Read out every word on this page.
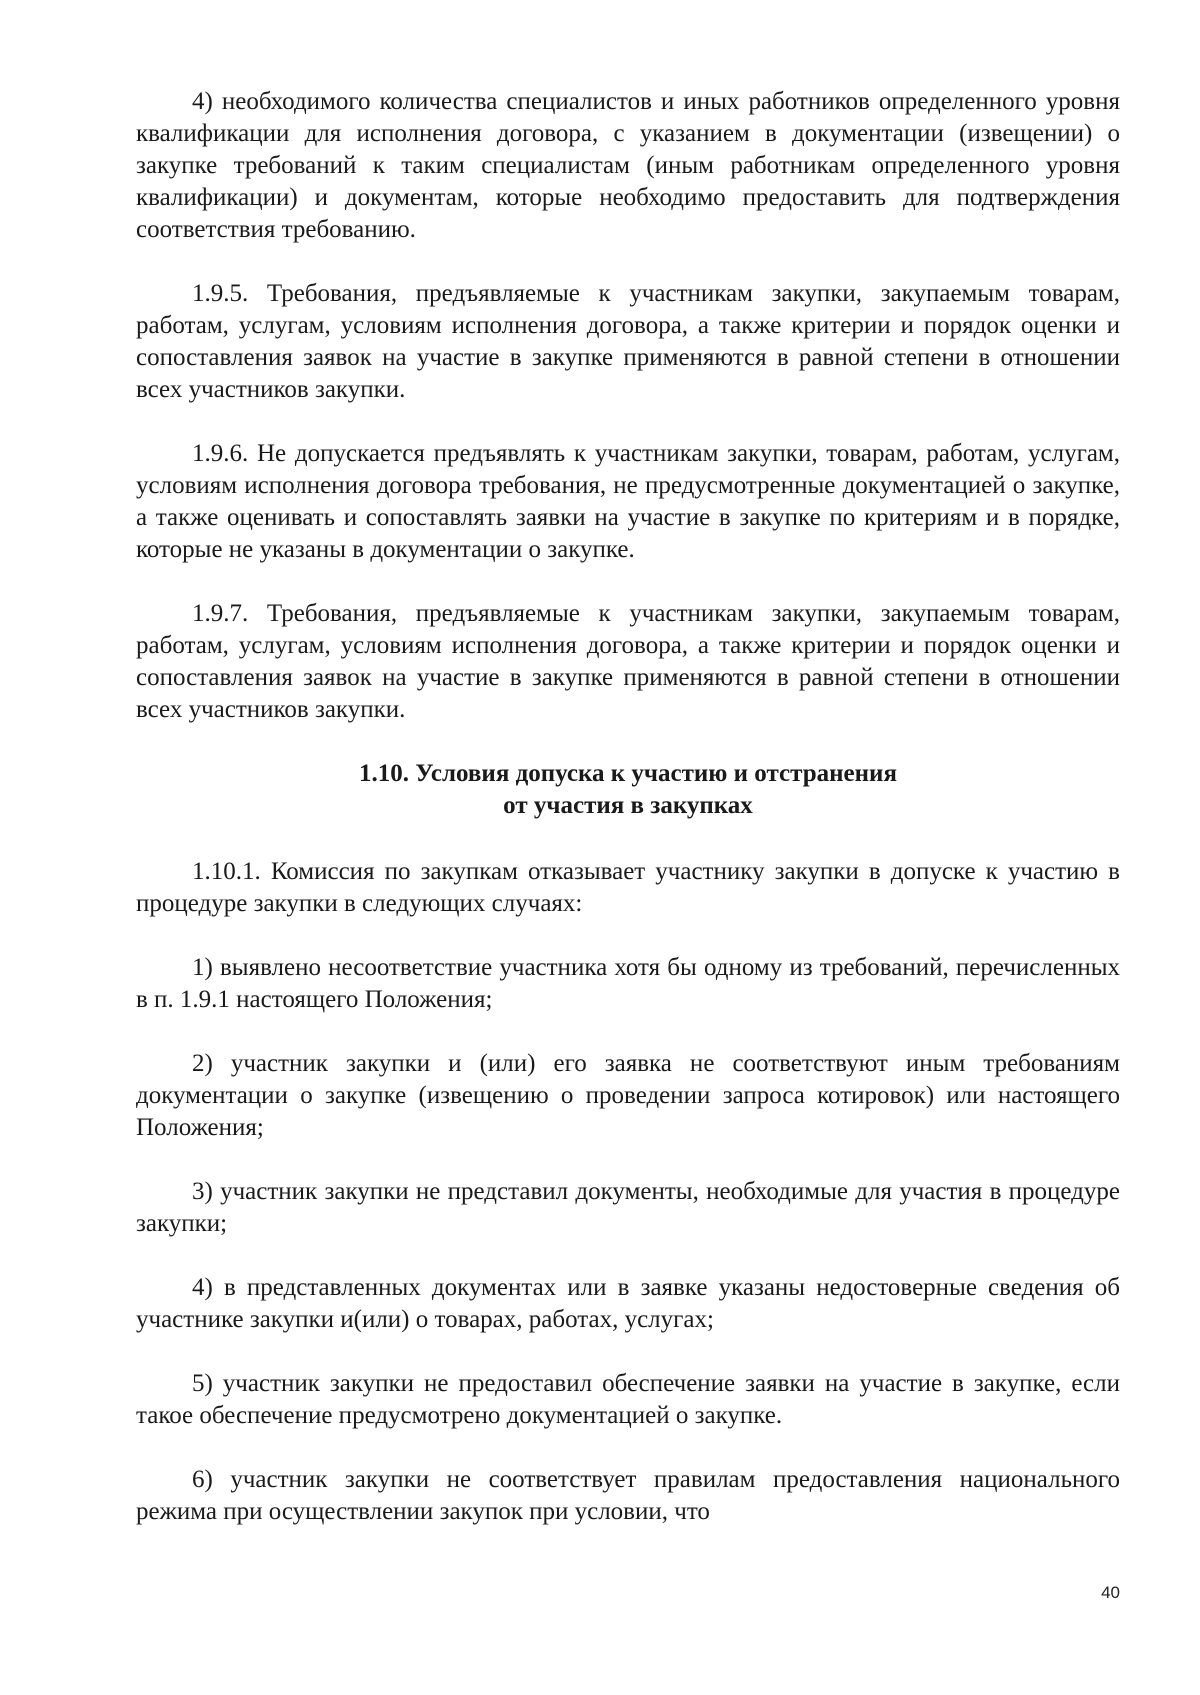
4) необходимого количества специалистов и иных работников определенного уровня квалификации для исполнения договора, с указанием в документации (извещении) о закупке требований к таким специалистам (иным работникам определенного уровня квалификации) и документам, которые необходимо предоставить для подтверждения соответствия требованию.

1.9.5. Требования, предъявляемые к участникам закупки, закупаемым товарам, работам, услугам, условиям исполнения договора, а также критерии и порядок оценки и сопоставления заявок на участие в закупке применяются в равной степени в отношении всех участников закупки.

1.9.6. Не допускается предъявлять к участникам закупки, товарам, работам, услугам, условиям исполнения договора требования, не предусмотренные документацией о закупке, а также оценивать и сопоставлять заявки на участие в закупке по критериям и в порядке, которые не указаны в документации о закупке.

1.9.7. Требования, предъявляемые к участникам закупки, закупаемым товарам, работам, услугам, условиям исполнения договора, а также критерии и порядок оценки и сопоставления заявок на участие в закупке применяются в равной степени в отношении всех участников закупки.

1.10. Условия допуска к участию и отстранения
от участия в закупках

1.10.1. Комиссия по закупкам отказывает участнику закупки в допуске к участию в процедуре закупки в следующих случаях:

1) выявлено несоответствие участника хотя бы одному из требований, перечисленных в п. 1.9.1 настоящего Положения;

2) участник закупки и (или) его заявка не соответствуют иным требованиям документации о закупке (извещению о проведении запроса котировок) или настоящего Положения;

3) участник закупки не представил документы, необходимые для участия в процедуре закупки;

4) в представленных документах или в заявке указаны недостоверные сведения об участнике закупки и(или) о товарах, работах, услугах;

5) участник закупки не предоставил обеспечение заявки на участие в закупке, если такое обеспечение предусмотрено документацией о закупке.

6) участник закупки не соответствует правилам предоставления национального режима при осуществлении закупок при условии, что

40
